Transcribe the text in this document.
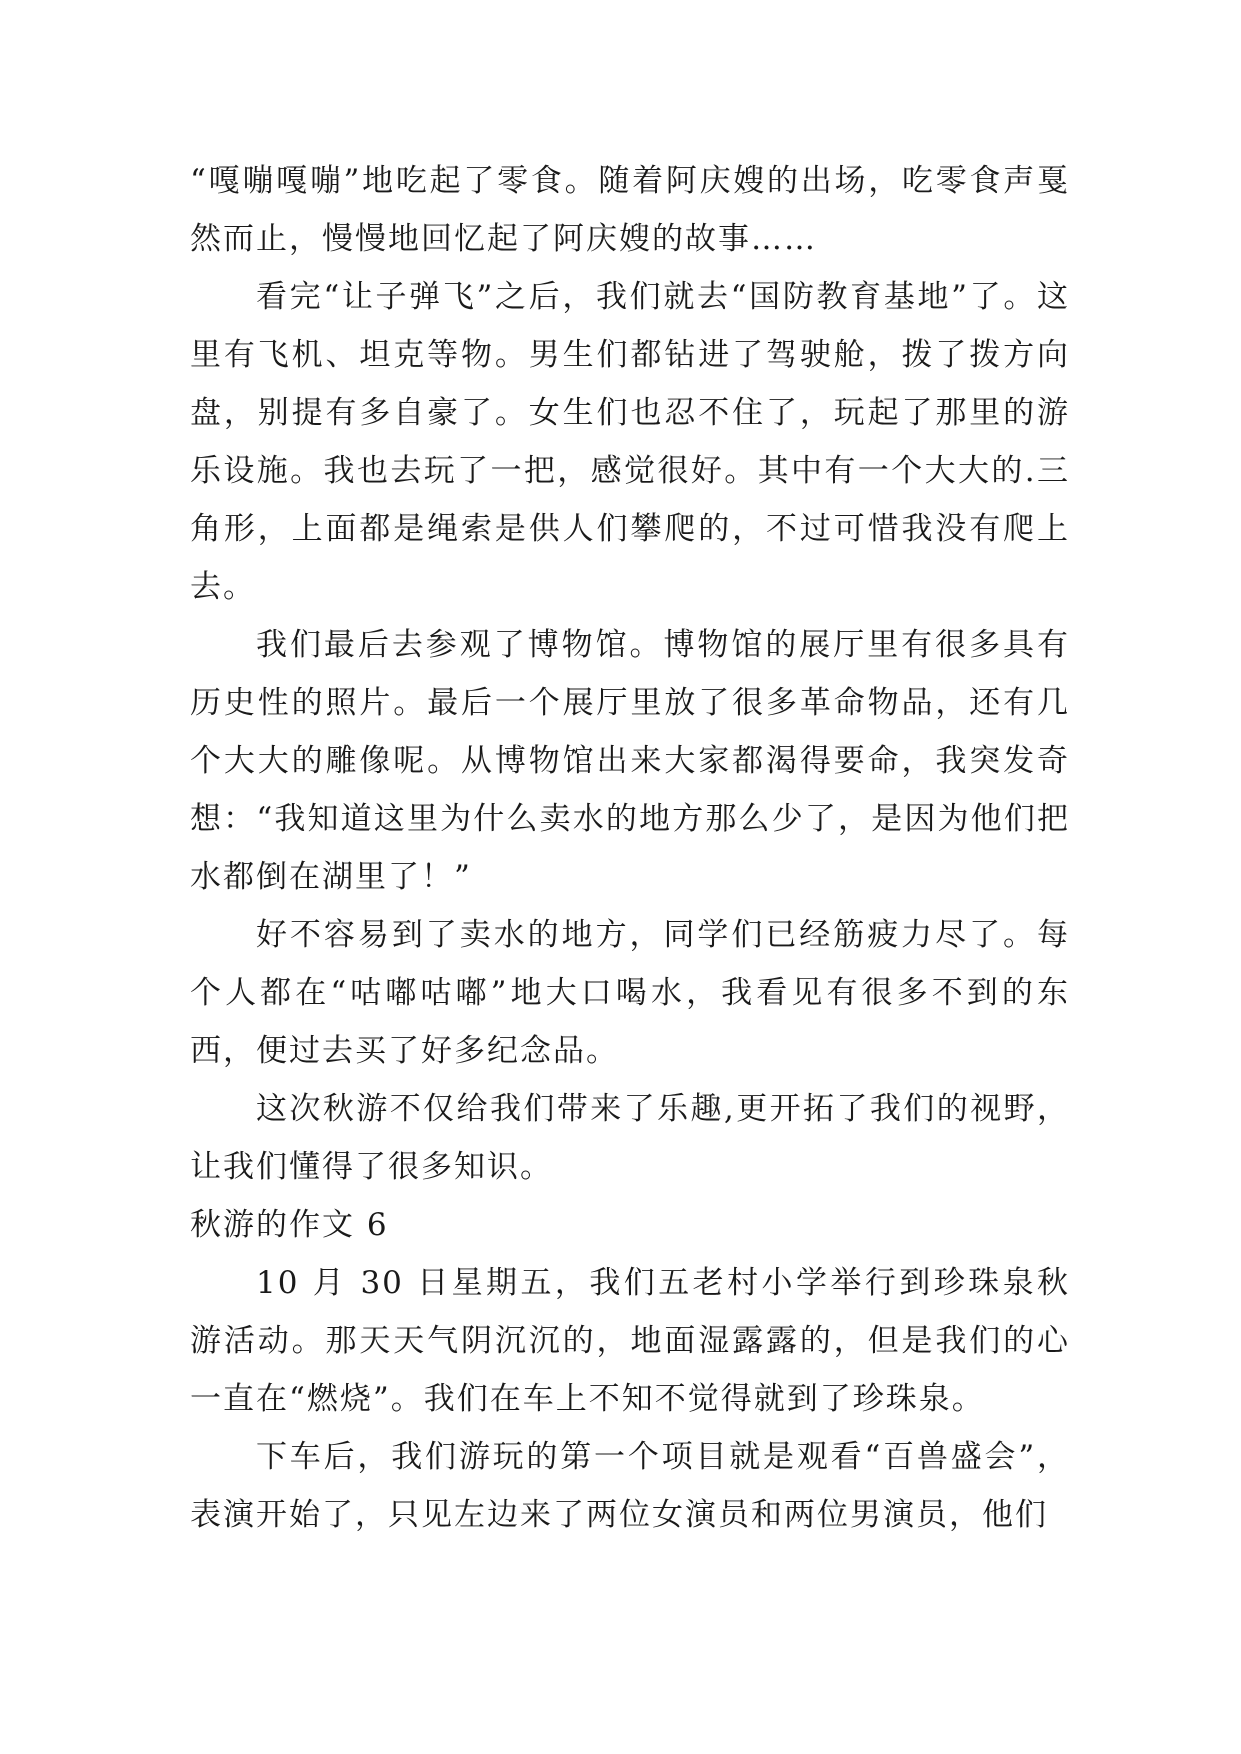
“嘎嘣嘎嘣”地吃起了零食。随着阿庆嫂的出场，吃零食声戛然而止，慢慢地回忆起了阿庆嫂的故事……

看完“让子弹飞”之后，我们就去“国防教育基地”了。这里有飞机、坦克等物。男生们都钻进了驾驶舱，拨了拨方向盘，别提有多自豪了。女生们也忍不住了，玩起了那里的游乐设施。我也去玩了一把，感觉很好。其中有一个大大的.三角形，上面都是绳索是供人们攀爬的，不过可惜我没有爬上去。

我们最后去参观了博物馆。博物馆的展厅里有很多具有历史性的照片。最后一个展厅里放了很多革命物品，还有几个大大的雕像呢。从博物馆出来大家都渴得要命，我突发奇想：“我知道这里为什么卖水的地方那么少了，是因为他们把水都倒在湖里了！”

好不容易到了卖水的地方，同学们已经筋疲力尽了。每个人都在“咕嘟咕嘟”地大口喝水，我看见有很多不到的东西，便过去买了好多纪念品。

这次秋游不仅给我们带来了乐趣,更开拓了我们的视野，让我们懂得了很多知识。

秋游的作文 6

10 月 30 日星期五，我们五老村小学举行到珍珠泉秋游活动。那天天气阴沉沉的，地面湿露露的，但是我们的心一直在“燃烧”。我们在车上不知不觉得就到了珍珠泉。

下车后，我们游玩的第一个项目就是观看“百兽盛会”，表演开始了，只见左边来了两位女演员和两位男演员，他们
